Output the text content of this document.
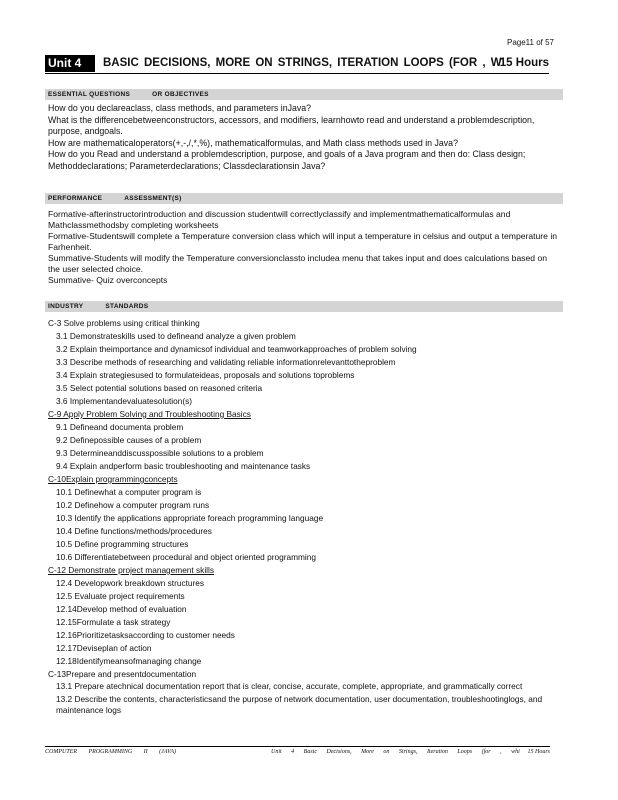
Page11 of 57
Unit 4	BASIC DECISIONS, MORE ON STRINGS, ITERATION LOOPS (FOR , W
15 Hours
ESSENTIAL QUESTIONS	OR OBJECTIVES

How do you declareaclass, class methods, and parameters inJava?

What is the differencebetweenconstructors, accessors, and modifiers, learnhowto read and understand a problemdescription, purpose, andgoals.

How are mathematicaloperators(+,-,/,*,%), mathematicalformulas, and Math class methods used in Java?

How do you Read and understand a problemdescription, purpose, and goals of a Java program and then do: Class design; Methoddeclarations; Parameterdeclarations; Classdeclarationsin Java?

PERFORMANCE	ASSESSMENT(S)

Formative-afterinstructorintroduction and discussion studentwill correctlyclassify and implementmathematicalformulas and Mathclassmethodsby completing worksheets

Formative-Studentswill complete a Temperature conversion class which will input a temperature in celsius and output a temperature in Farhenheit.

Summative-Students will modify the Temperature conversionclassto includea menu that takes input and does calculations based on the user selected choice.

Summative- Quiz overconcepts

INDUSTRY	STANDARDS

C-3 Solve problems using critical thinking

3.1 Demonstrateskills used to defineand analyze a given problem

3.2 Explain theimportance and dynamicsof individual and teamworkapproaches of problem solving

3.3 Describe methods of researching and validating reliable informationrelevanttotheproblem

3.4 Explain strategiesused to formulateideas, proposals and solutions toproblems

3.5 Select potential solutions based on reasoned criteria

3.6 Implementandevaluatesolution(s)

C-9 Apply Problem Solving and Troubleshooting Basics

9.1 Defineand documenta problem

9.2 Definepossible causes of a problem

9.3 Determineanddiscusspossible solutions to a problem

9.4 Explain andperform basic troubleshooting and maintenance tasks

C-10Explain programmingconcepts

10.1 Definewhat a computer program is

10.2 Definehow a computer program runs

10.3 Identify the applications appropriate foreach programming language

10.4 Define functions/methods/procedures

10.5 Define programming structures

10.6 Differentiatebetween procedural and object oriented programming

C-12 Demonstrate project management skills

12.4 Developwork breakdown structures

12.5 Evaluate project requirements

12.14Develop method of evaluation

12.15Formulate a task strategy

12.16Prioritizetasksaccording to customer needs

12.17Deviseplan of action

12.18Identifymeansofmanaging change

C-13Prepare and presentdocumentation

13.1 Prepare atechnical documentation report that is clear, concise, accurate, complete, appropriate, and grammatically correct

13.2 Describe the contents, characteristicsand the purpose of network documentation, user documentation, troubleshootinglogs, and maintenance logs

COMPUTER PROGRAMMING II (JAVA)	Unit 4 Basic Decisions, More on Strings, Iteration Loops (for , whi 15 Hours
